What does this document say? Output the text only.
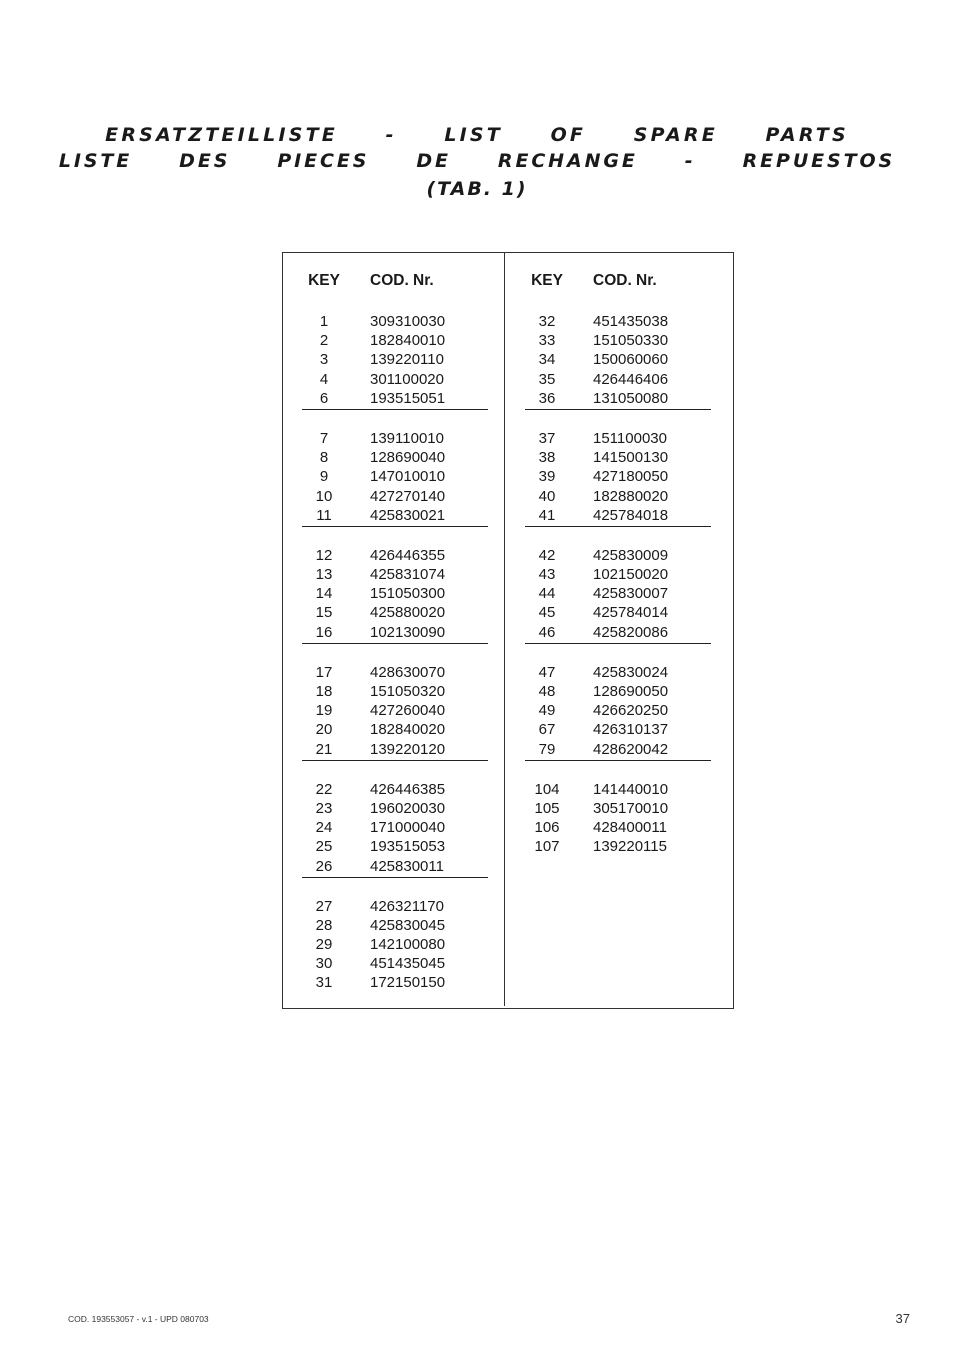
ERSATZTEILLISTE  -  LIST  OF  SPARE  PARTS
LISTE  DES  PIECES  DE  RECHANGE  -  REPUESTOS
(TAB. 1)
KEY	COD. Nr.
1	309310030
2	182840010
3	139220110
4	301100020
6	193515051
7	139110010
8	128690040
9	147010010
10	427270140
11	425830021
12	426446355
13	425831074
14	151050300
15	425880020
16	102130090
17	428630070
18	151050320
19	427260040
20	182840020
21	139220120
22	426446385
23	196020030
24	171000040
25	193515053
26	425830011
27	426321170
28	425830045
29	142100080
30	451435045
31	172150150
KEY	COD. Nr.
32	451435038
33	151050330
34	150060060
35	426446406
36	131050080
37	151100030
38	141500130
39	427180050
40	182880020
41	425784018
42	425830009
43	102150020
44	425830007
45	425784014
46	425820086
47	425830024
48	128690050
49	426620250
67	426310137
79	428620042
104	141440010
105	305170010
106	428400011
107	139220115
COD. 193553057 - v.1 - UPD 080703	37
